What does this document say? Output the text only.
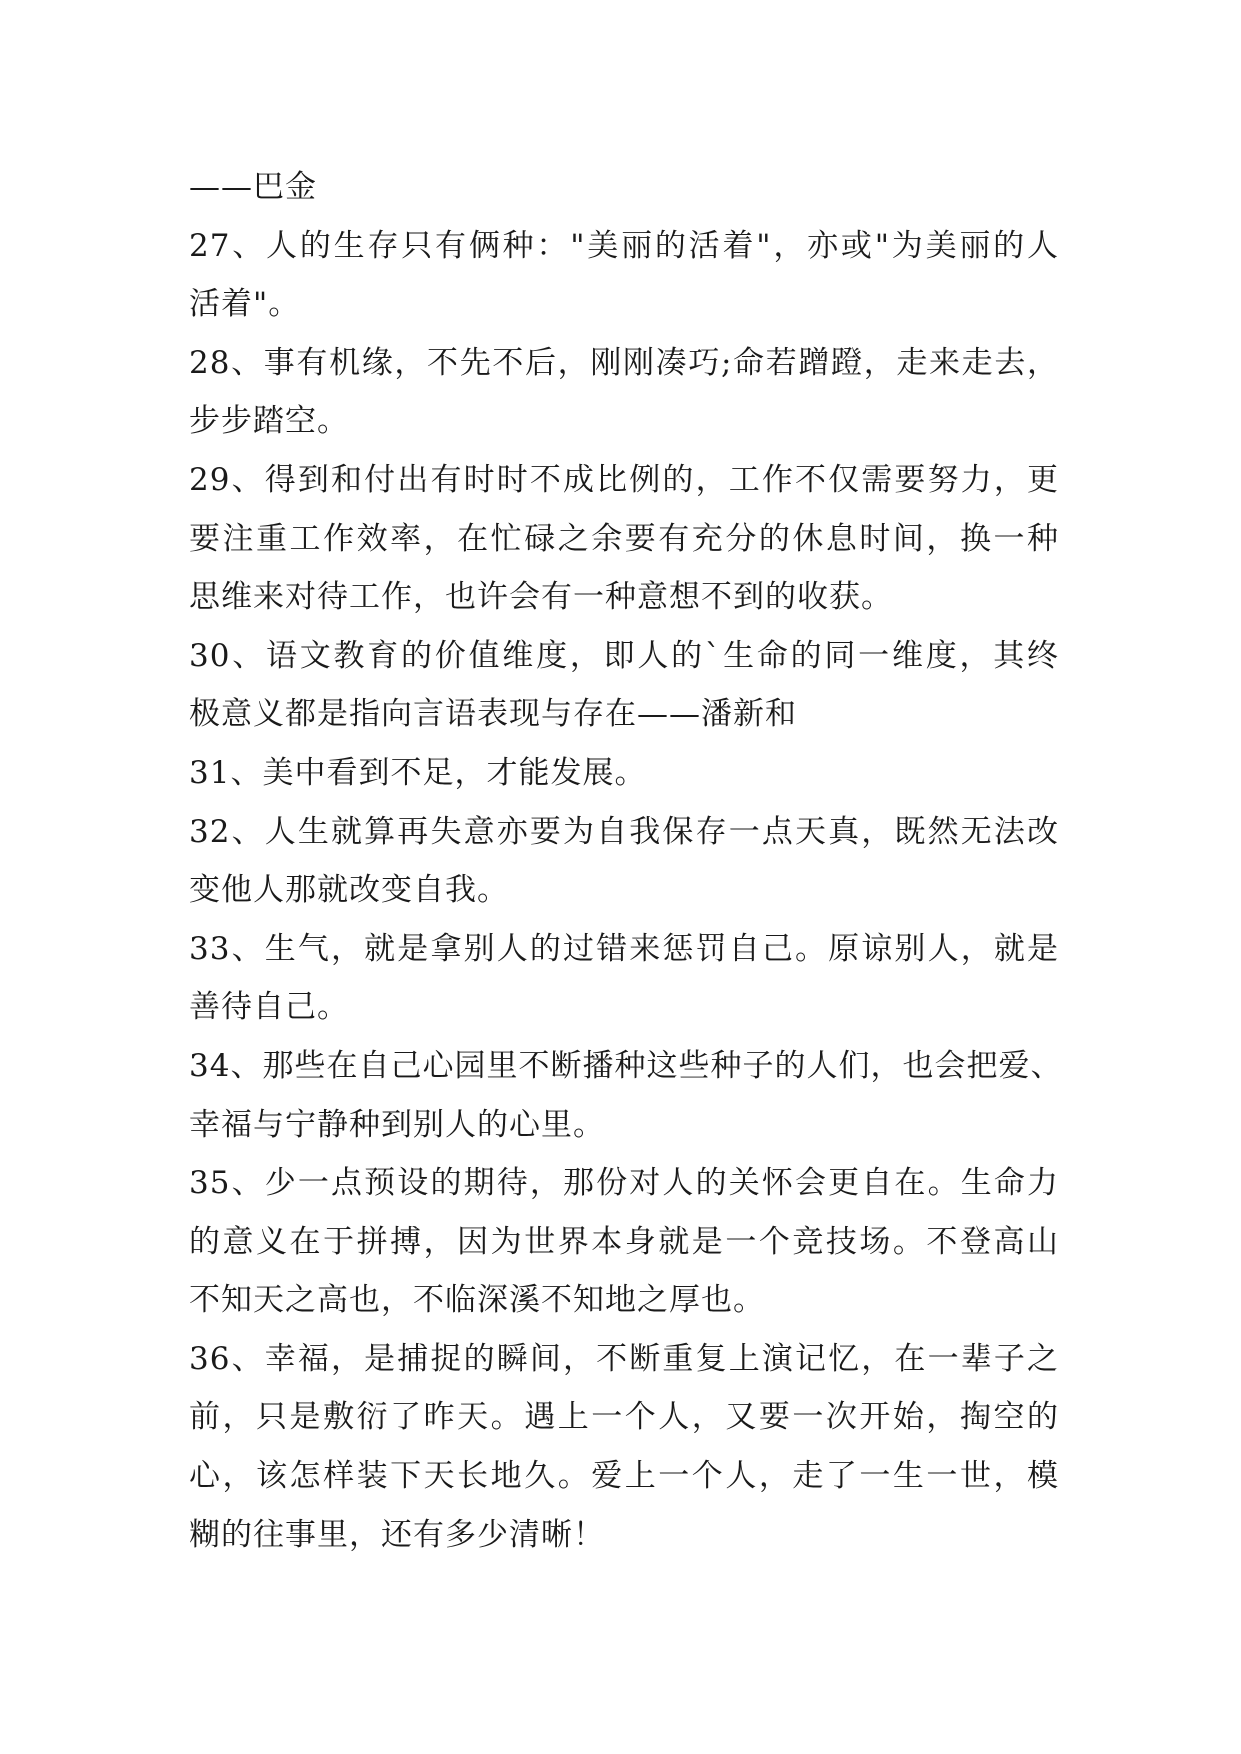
——巴金
27、人的生存只有俩种："美丽的活着"，亦或"为美丽的人
活着"。
28、事有机缘，不先不后，刚刚凑巧;命若蹭蹬，走来走去，
步步踏空。
29、得到和付出有时时不成比例的，工作不仅需要努力，更
要注重工作效率，在忙碌之余要有充分的休息时间，换一种
思维来对待工作，也许会有一种意想不到的收获。
30、语文教育的价值维度，即人的`生命的同一维度，其终
极意义都是指向言语表现与存在——潘新和
31、美中看到不足，才能发展。
32、人生就算再失意亦要为自我保存一点天真，既然无法改
变他人那就改变自我。
33、生气，就是拿别人的过错来惩罚自己。原谅别人，就是
善待自己。
34、那些在自己心园里不断播种这些种子的人们，也会把爱、
幸福与宁静种到别人的心里。
35、少一点预设的期待，那份对人的关怀会更自在。生命力
的意义在于拼搏，因为世界本身就是一个竞技场。不登高山
不知天之高也，不临深溪不知地之厚也。
36、幸福，是捕捉的瞬间，不断重复上演记忆，在一辈子之
前，只是敷衍了昨天。遇上一个人，又要一次开始，掏空的
心，该怎样装下天长地久。爱上一个人，走了一生一世，模
糊的往事里，还有多少清晰！
